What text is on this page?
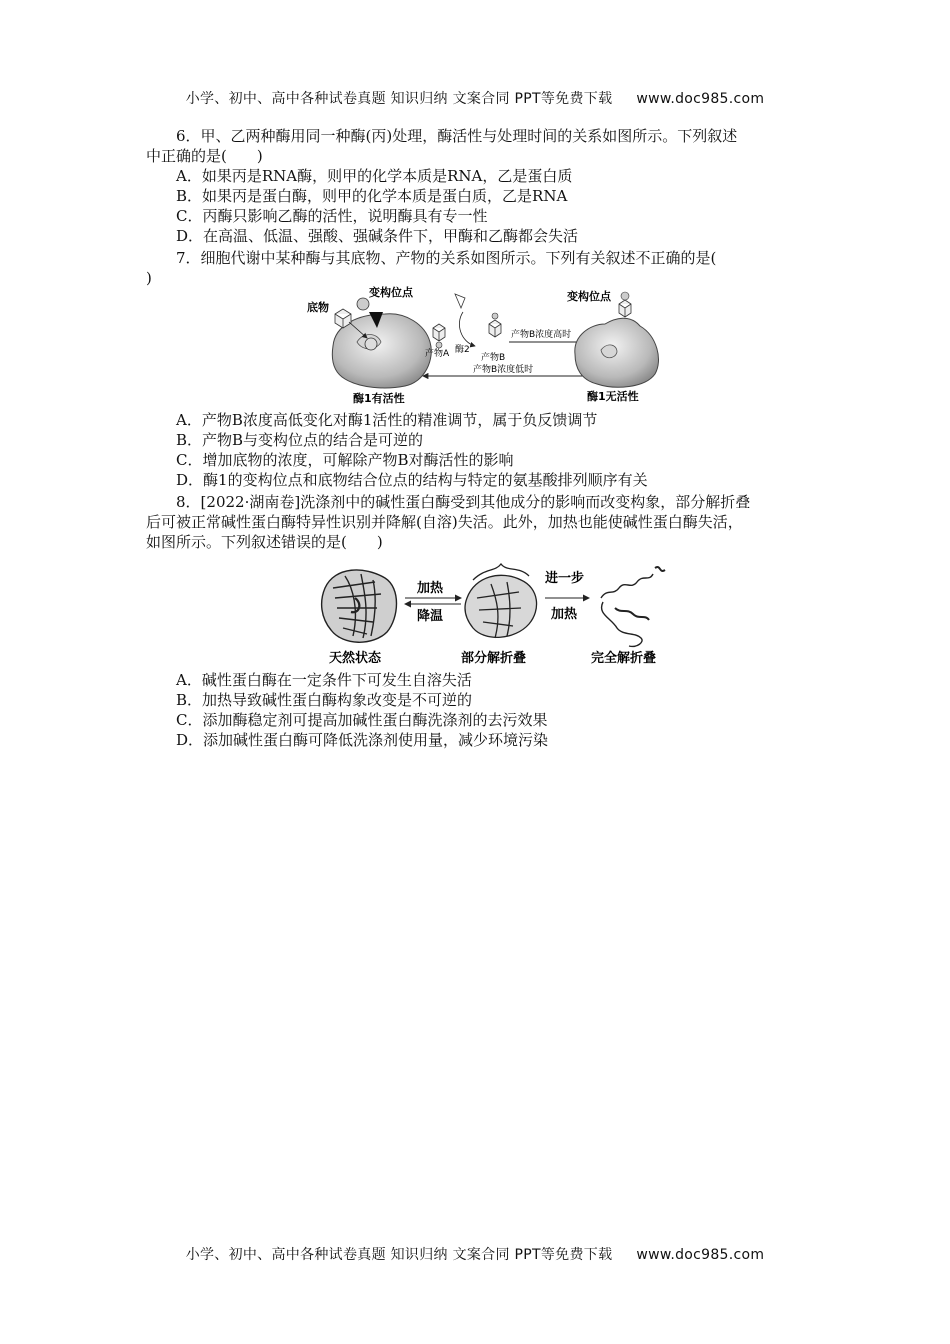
小学、初中、高中各种试卷真题 知识归纳 文案合同 PPT等免费下载 www.doc985.com
6．甲、乙两种酶用同一种酶(丙)处理，酶活性与处理时间的关系如图所示。下列叙述
中正确的是(　　)
A．如果丙是RNA酶，则甲的化学本质是RNA，乙是蛋白质
B．如果丙是蛋白酶，则甲的化学本质是蛋白质，乙是RNA
C．丙酶只影响乙酶的活性，说明酶具有专一性
D．在高温、低温、强酸、强碱条件下，甲酶和乙酶都会失活
7．细胞代谢中某种酶与其底物、产物的关系如图所示。下列有关叙述不正确的是(
)
底物
变构位点
酶1有活性
产物A 酶2
产物B
产物B浓度高时
产物B浓度低时
变构位点
酶1无活性
A．产物B浓度高低变化对酶1活性的精准调节，属于负反馈调节
B．产物B与变构位点的结合是可逆的
C．增加底物的浓度，可解除产物B对酶活性的影响
D．酶1的变构位点和底物结合位点的结构与特定的氨基酸排列顺序有关
8．[2022·湖南卷]洗涤剂中的碱性蛋白酶受到其他成分的影响而改变构象，部分解折叠
后可被正常碱性蛋白酶特异性识别并降解(自溶)失活。此外，加热也能使碱性蛋白酶失活，
如图所示。下列叙述错误的是(　　)
加热
降温
进一步
加热
天然状态	部分解折叠	完全解折叠
A．碱性蛋白酶在一定条件下可发生自溶失活
B．加热导致碱性蛋白酶构象改变是不可逆的
C．添加酶稳定剂可提高加碱性蛋白酶洗涤剂的去污效果
D．添加碱性蛋白酶可降低洗涤剂使用量，减少环境污染
小学、初中、高中各种试卷真题 知识归纳 文案合同 PPT等免费下载 www.doc985.com
